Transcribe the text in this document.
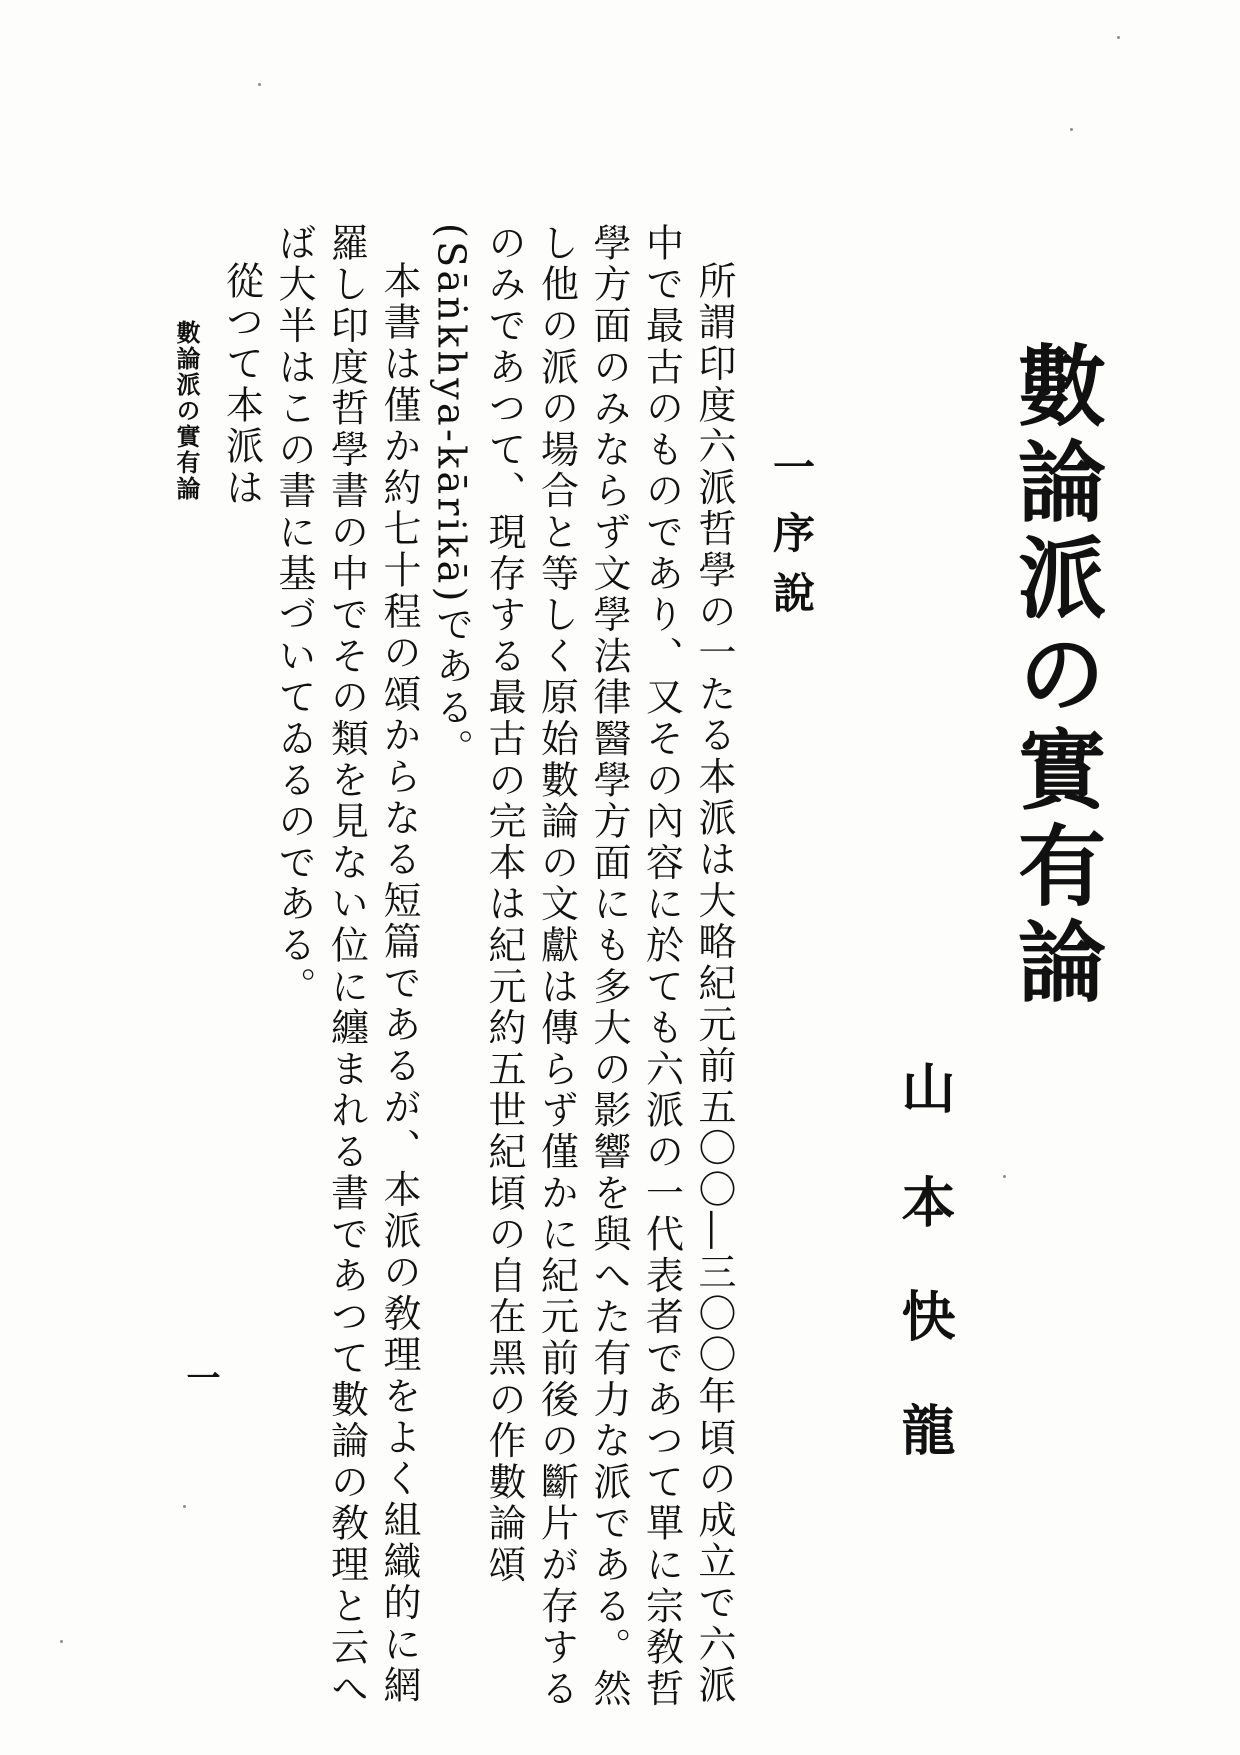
數論派の實有論
山本快龍
一序說

所謂印度六派哲學の一たる本派は大略紀元前五〇〇―三〇〇年頃の成立で六派中で最古のものであり、又その內容に於ても六派の一代表者であつて單に宗敎哲學方面のみならず文學法律醫學方面にも多大の影響を與へた有力な派である。然し他の派の場合と等しく原始數論の文獻は傳らず僅かに紀元前後の斷片が存するのみであつて、現存する最古の完本は紀元約五世紀頃の自在黑の作數論頌(Sāṅkhya-kārikā)である。

本書は僅か約七十程の頌からなる短篇であるが、本派の敎理をよく組織的に網羅し印度哲學書の中でその類を見ない位に纏まれる書であつて數論の敎理と云へば大半はこの書に基づいてゐるのである。

從つて本派は

數論派の實有論
一
